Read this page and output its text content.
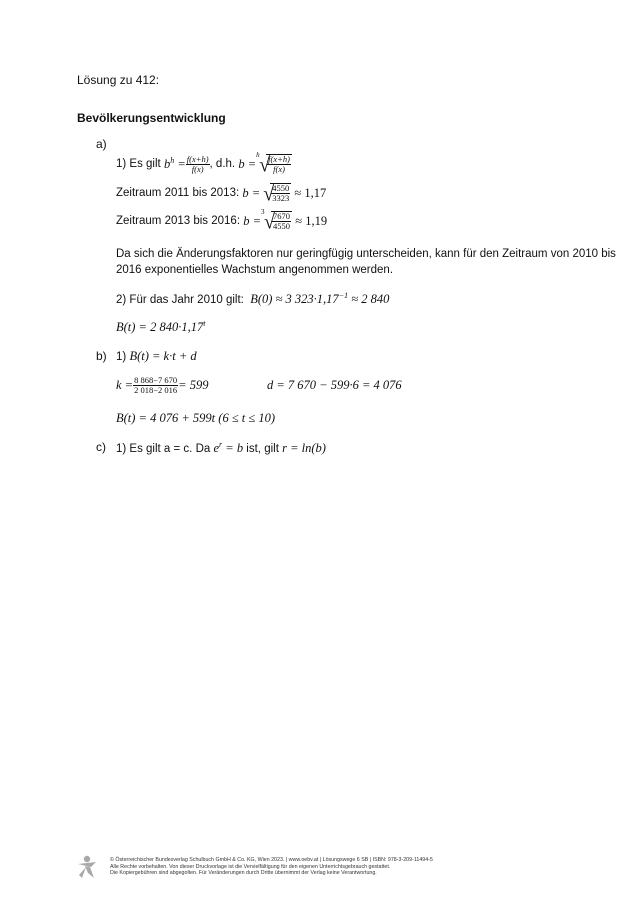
Lösung zu 412:
Bevölkerungsentwicklung
a)
1) Es gilt
$b^h = \frac{f(x+h)}{f(x)}$ , d.h.
b =
h √
$\frac{f(x+h)}{f(x)}$
Zeitraum 2011 bis 2013:
b = √
$\frac{4550}{3323}$
≈ 1,17
Zeitraum 2013 bis 2016:
b =
3 √
$\frac{7670}{4550}$
≈ 1,19
Da sich die Änderungsfaktoren nur geringfügig unterscheiden, kann für den Zeitraum von 2010 bis
2016 exponentielles Wachstum angenommen werden.
2) Für das Jahr 2010 gilt: B(0) ≈ 3 $323\cdot 1,17^{-1} \approx 2$ 840
B(t) = 2 $840\cdot 1,17^t$
b) 1) B(t) = k·t + d
$k = \frac{8 868-7 670}{2 018-2 016} = 599$	d = 7 670 − 599·6 = 4 076
B(t) = 4 076 + 599t (6 ≤ t ≤ 10)
c) 1) Es gilt a = c. Da $e^r = b$ ist, gilt r = ln(b)
© Österreichischer Bundesverlag Schulbuch GmbH & Co. KG, Wien 2023. | www.oebv.at | Lösungswege 6 SB | ISBN: 978-3-209-11494-5
Alle Rechte vorbehalten. Von dieser Druckvorlage ist die Vervielfältigung für den eigenen Unterrichtsgebrauch gestattet.
Die Kopiergebühren sind abgegolten. Für Veränderungen durch Dritte übernimmt der Verlag keine Verantwortung.
